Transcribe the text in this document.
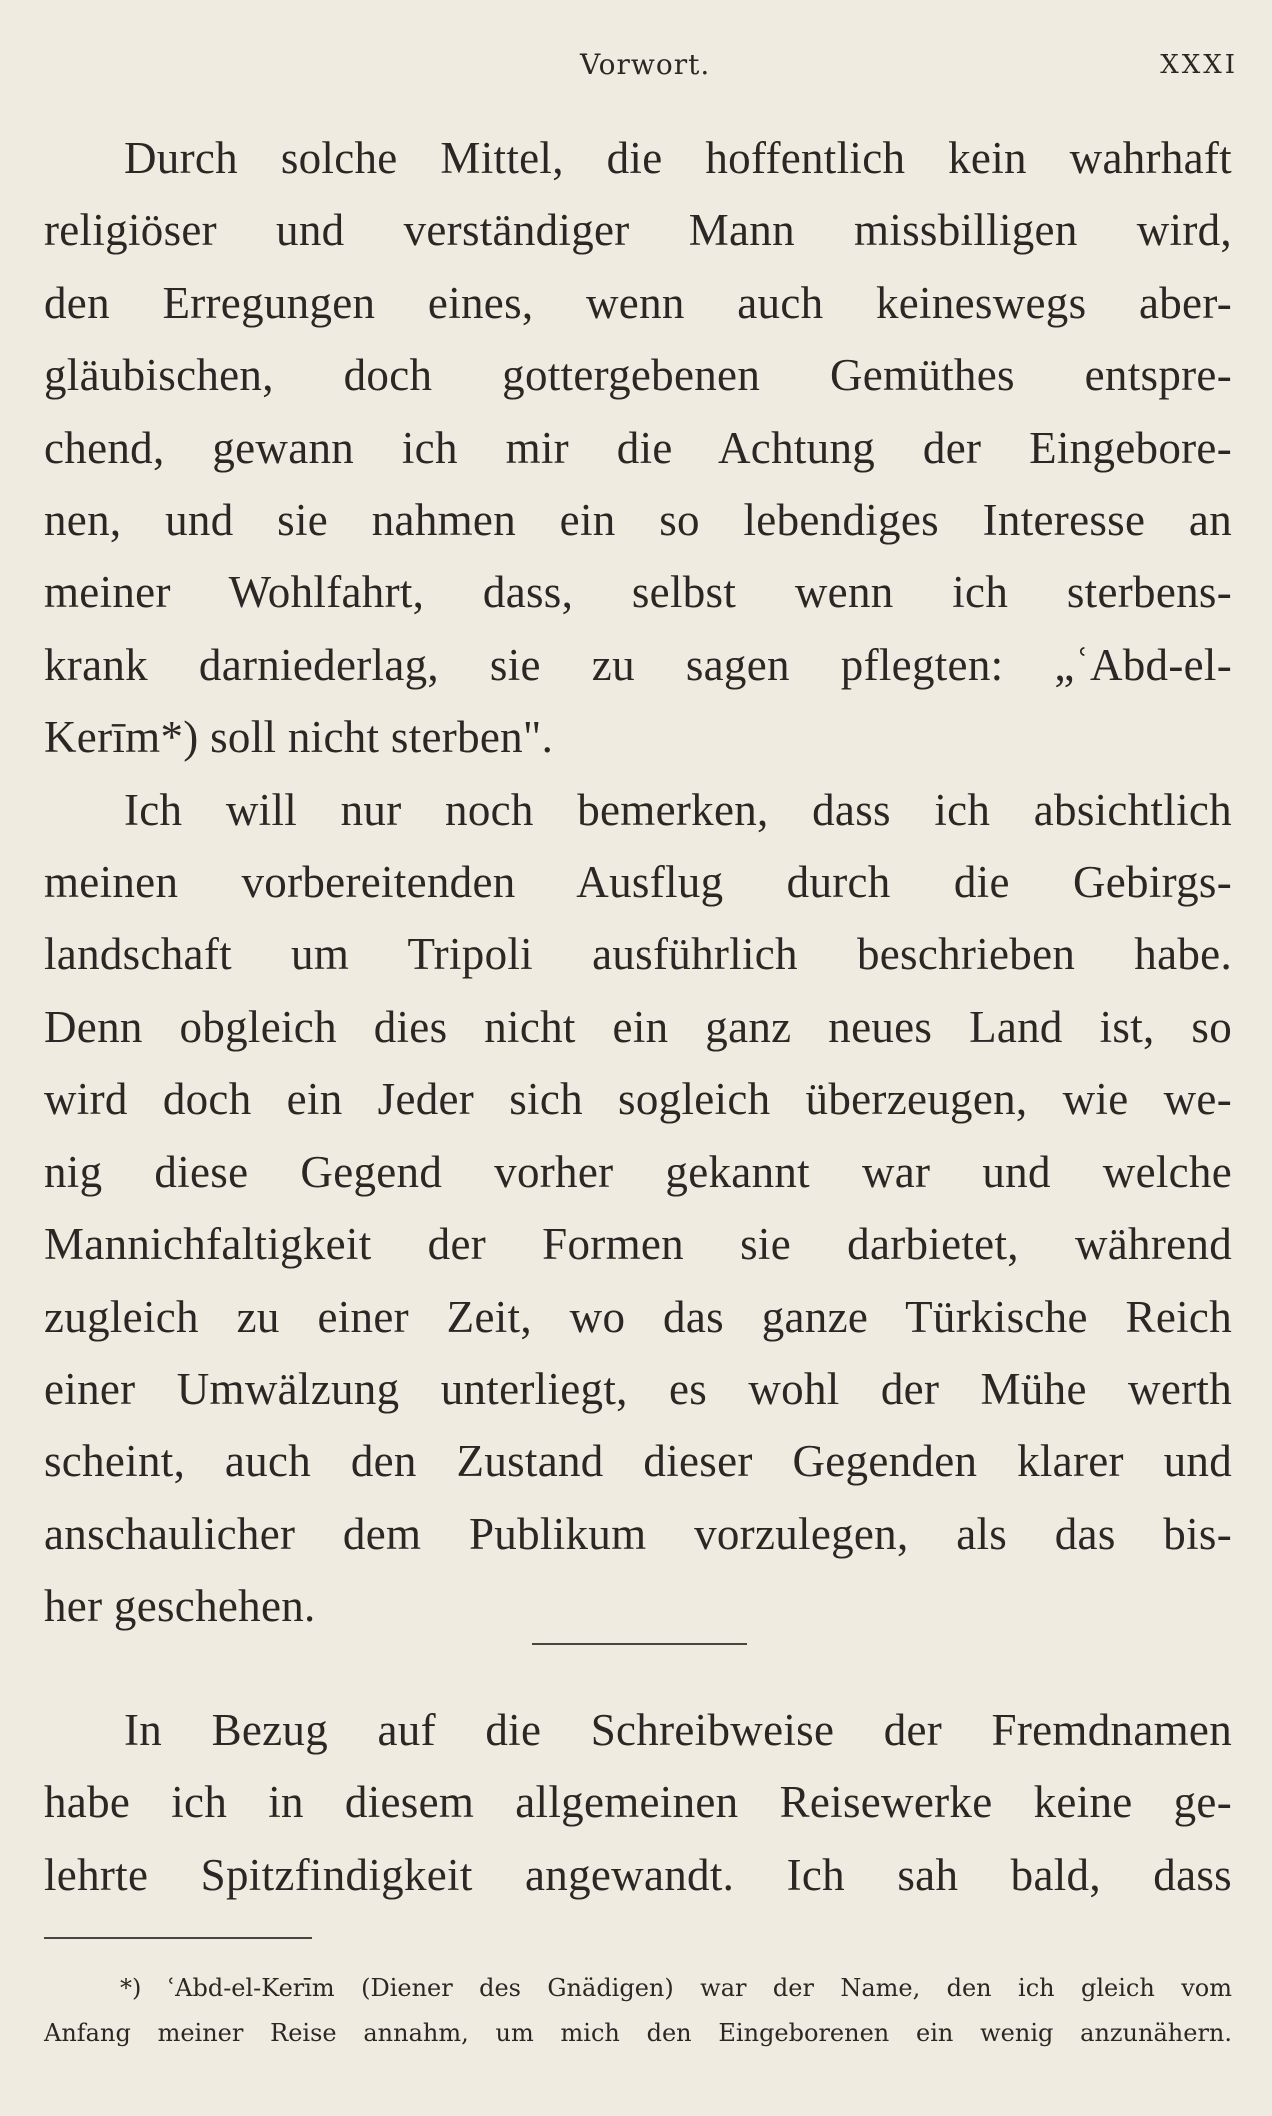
Vorwort.	XXXI

Durch solche Mittel, die hoffentlich kein wahrhaft
religiöser und verständiger Mann missbilligen wird,
den Erregungen eines, wenn auch keineswegs aber-
gläubischen, doch gottergebenen Gemüthes entspre-
chend, gewann ich mir die Achtung der Eingebore-
nen, und sie nahmen ein so lebendiges Interesse an
meiner Wohlfahrt, dass, selbst wenn ich sterbens-
krank darniederlag, sie zu sagen pflegten: „ʿAbd-el-
Kerīm*) soll nicht sterben".

Ich will nur noch bemerken, dass ich absichtlich
meinen vorbereitenden Ausflug durch die Gebirgs-
landschaft um Tripoli ausführlich beschrieben habe.
Denn obgleich dies nicht ein ganz neues Land ist, so
wird doch ein Jeder sich sogleich überzeugen, wie we-
nig diese Gegend vorher gekannt war und welche
Mannichfaltigkeit der Formen sie darbietet, während
zugleich zu einer Zeit, wo das ganze Türkische Reich
einer Umwälzung unterliegt, es wohl der Mühe werth
scheint, auch den Zustand dieser Gegenden klarer und
anschaulicher dem Publikum vorzulegen, als das bis-
her geschehen.

In Bezug auf die Schreibweise der Fremdnamen
habe ich in diesem allgemeinen Reisewerke keine ge-
lehrte Spitzfindigkeit angewandt. Ich sah bald, dass

*) ʿAbd-el-Kerīm (Diener des Gnädigen) war der Name, den ich gleich vom
Anfang meiner Reise annahm, um mich den Eingeborenen ein wenig anzunähern.
